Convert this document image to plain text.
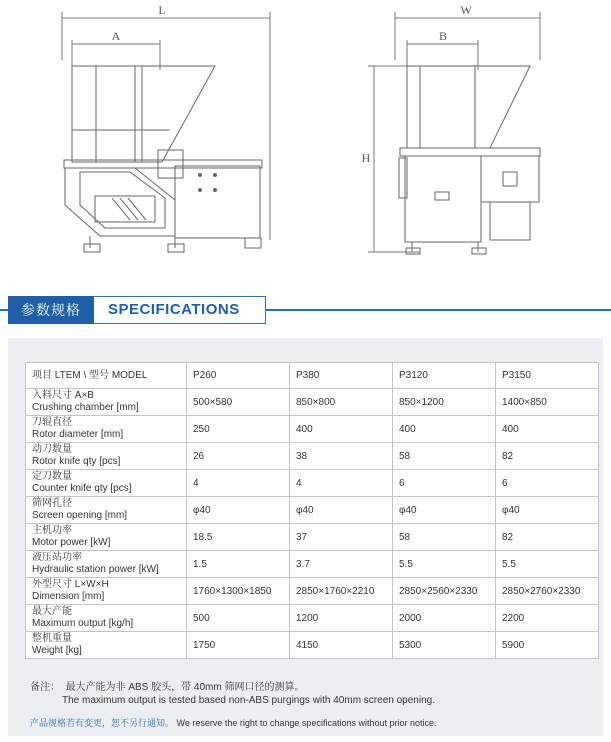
L
A
W
B
H
参数规格	SPECIFICATIONS
项目 LTEM \ 型号 MODEL	P260	P380	P3120	P3150

入料尺寸 A×B
Crushing chamber [mm]	500×580	850×800	850×1200	1400×850

刀辊直径
Rotor diameter [mm]	250	400	400	400

动刀数量
Rotor knife qty [pcs]	26	38	58	82

定刀数量
Counter knife qty [pcs]	4	4	6	6

筛网孔径
Screen opening [mm]	φ40	φ40	φ40	φ40

主机功率
Motor power [kW]	18.5	37	58	82

液压站功率
Hydraulic station power [kW]	1.5	3.7	5.5	5.5

外型尺寸 L×W×H
Dimension [mm]	1760×1300×1850	2850×1760×2210	2850×2560×2330	2850×2760×2330

最大产能
Maximum output [kg/h]	500	1200	2000	2200

整机重量
Weight [kg]	1750	4150	5300	5900
备注： 最大产能为非 ABS 胶头，带 40mm 筛网口径的测算。
The maximum output is tested based non-ABS purgings with 40mm screen opening.
产品规格若有变更，恕不另行通知。 We reserve the right to change specifications without prior notice.
